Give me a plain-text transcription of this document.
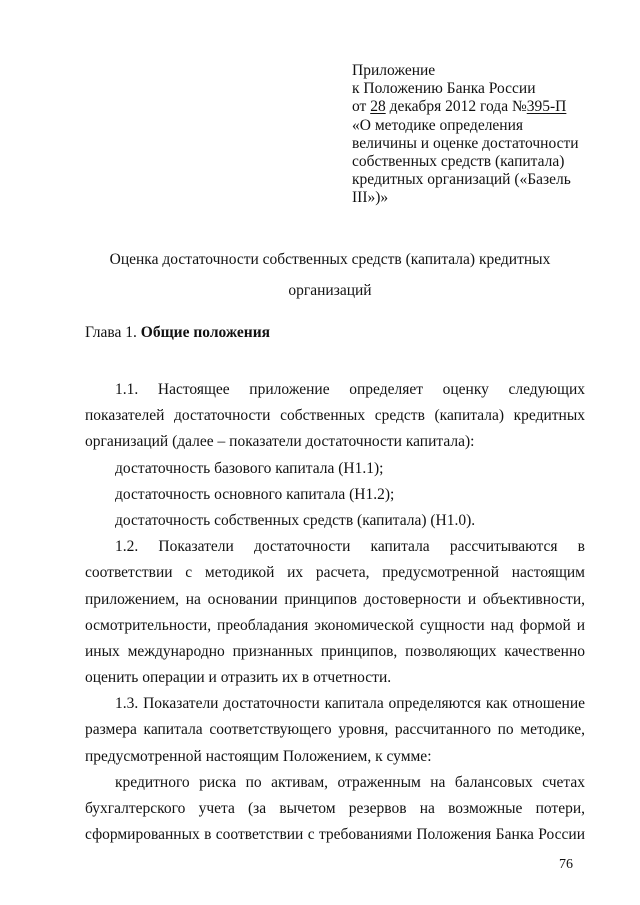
Приложение
к Положению Банка России
от 28 декабря 2012 года №395-П
«О методике определения
величины и оценке достаточности
собственных средств (капитала)
кредитных организаций («Базель
III»)»
Оценка достаточности собственных средств (капитала) кредитных
организаций
Глава 1. Общие положения
1.1. Настоящее приложение определяет оценку следующих
показателей достаточности собственных средств (капитала) кредитных
организаций (далее – показатели достаточности капитала):
достаточность базового капитала (Н1.1);
достаточность основного капитала (Н1.2);
достаточность собственных средств (капитала) (Н1.0).
1.2. Показатели достаточности капитала рассчитываются в
соответствии с методикой их расчета, предусмотренной настоящим
приложением, на основании принципов достоверности и объективности,
осмотрительности, преобладания экономической сущности над формой и
иных международно признанных принципов, позволяющих качественно
оценить операции и отразить их в отчетности.
1.3. Показатели достаточности капитала определяются как отношение
размера капитала соответствующего уровня, рассчитанного по методике,
предусмотренной настоящим Положением, к сумме:
кредитного риска по активам, отраженным на балансовых счетах
бухгалтерского учета (за вычетом резервов на возможные потери,
сформированных в соответствии с требованиями Положения Банка России
76
